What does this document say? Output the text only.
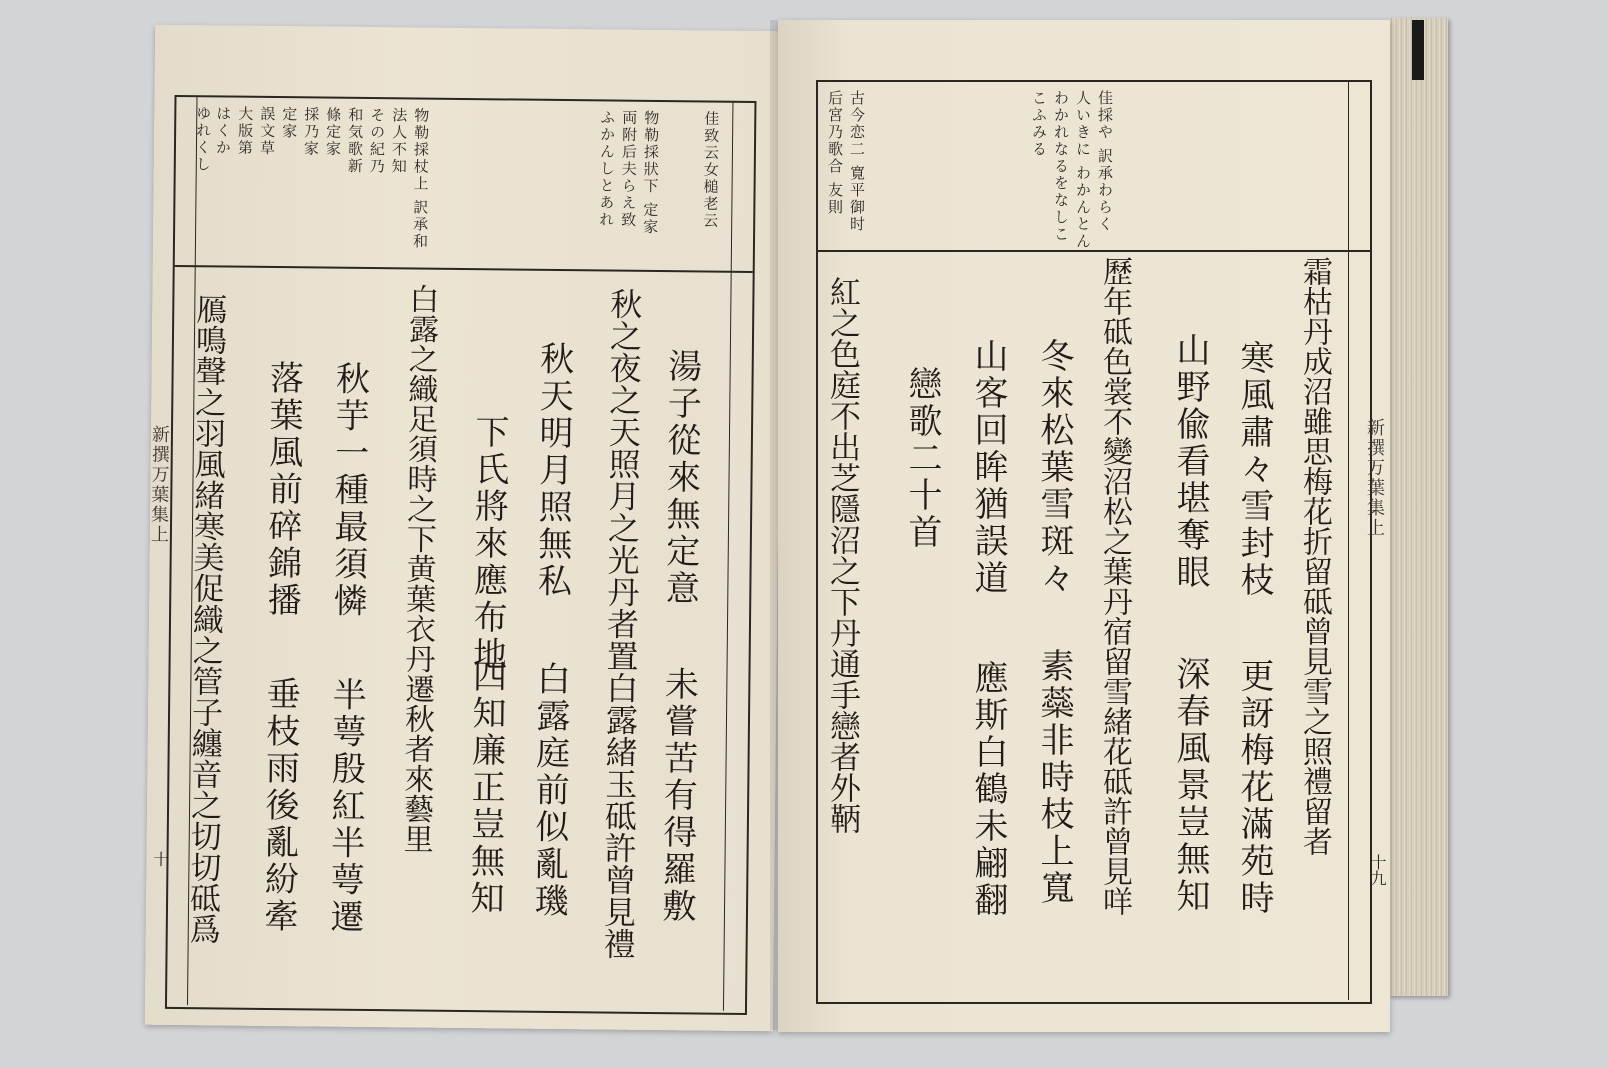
佳致云女槌老云
物勒採狀下 定家
両附后夫らえ致
ふかんしとあれ
物勒採杖上 訳承和
法人不知
その紀乃
和気歌新
條定家
採乃家
定家
誤文草
大版第
はくか
ゆれくし
湯子從來無定意
未嘗苦有得羅敷
秋之夜之天照月之光丹者置白露緒玉砥許曾見禮
秋天明月照無私
白露庭前似亂璣
下氏將來應布地
四知廉正豈無知
白露之織足須時之下黄葉衣丹遷秋者來藝里
秋芋一種最須憐
半萼殷紅半萼遷
落葉風前碎錦播
垂枝雨後亂紛牽
鴈鳴聲之羽風緒寒美促織之管子纏音之切切砥爲
新撰万葉集上
十
佳採や 訳承わらく
人いきに わかんとん
わかれなるをなしこ
こふみる
古今恋二 寛平御时
后宮乃歌合 友則
霜枯丹成沼雖思梅花折留砥曾見雪之照禮留者
更訝梅花滿苑時
寒風肅々雪封枝
深春風景豈無知
山野偸看堪奪眼
歷年砥色裳不變沼松之葉丹宿留雪緒花砥許曾見咩
冬來松葉雪斑々
素蘂非時枝上寬
山客回眸猶誤道
應斯白鶴未翩翻
戀歌二十首
紅之色庭不出芝隱沼之下丹通手戀者外鞆	新撰万葉集上
十九
